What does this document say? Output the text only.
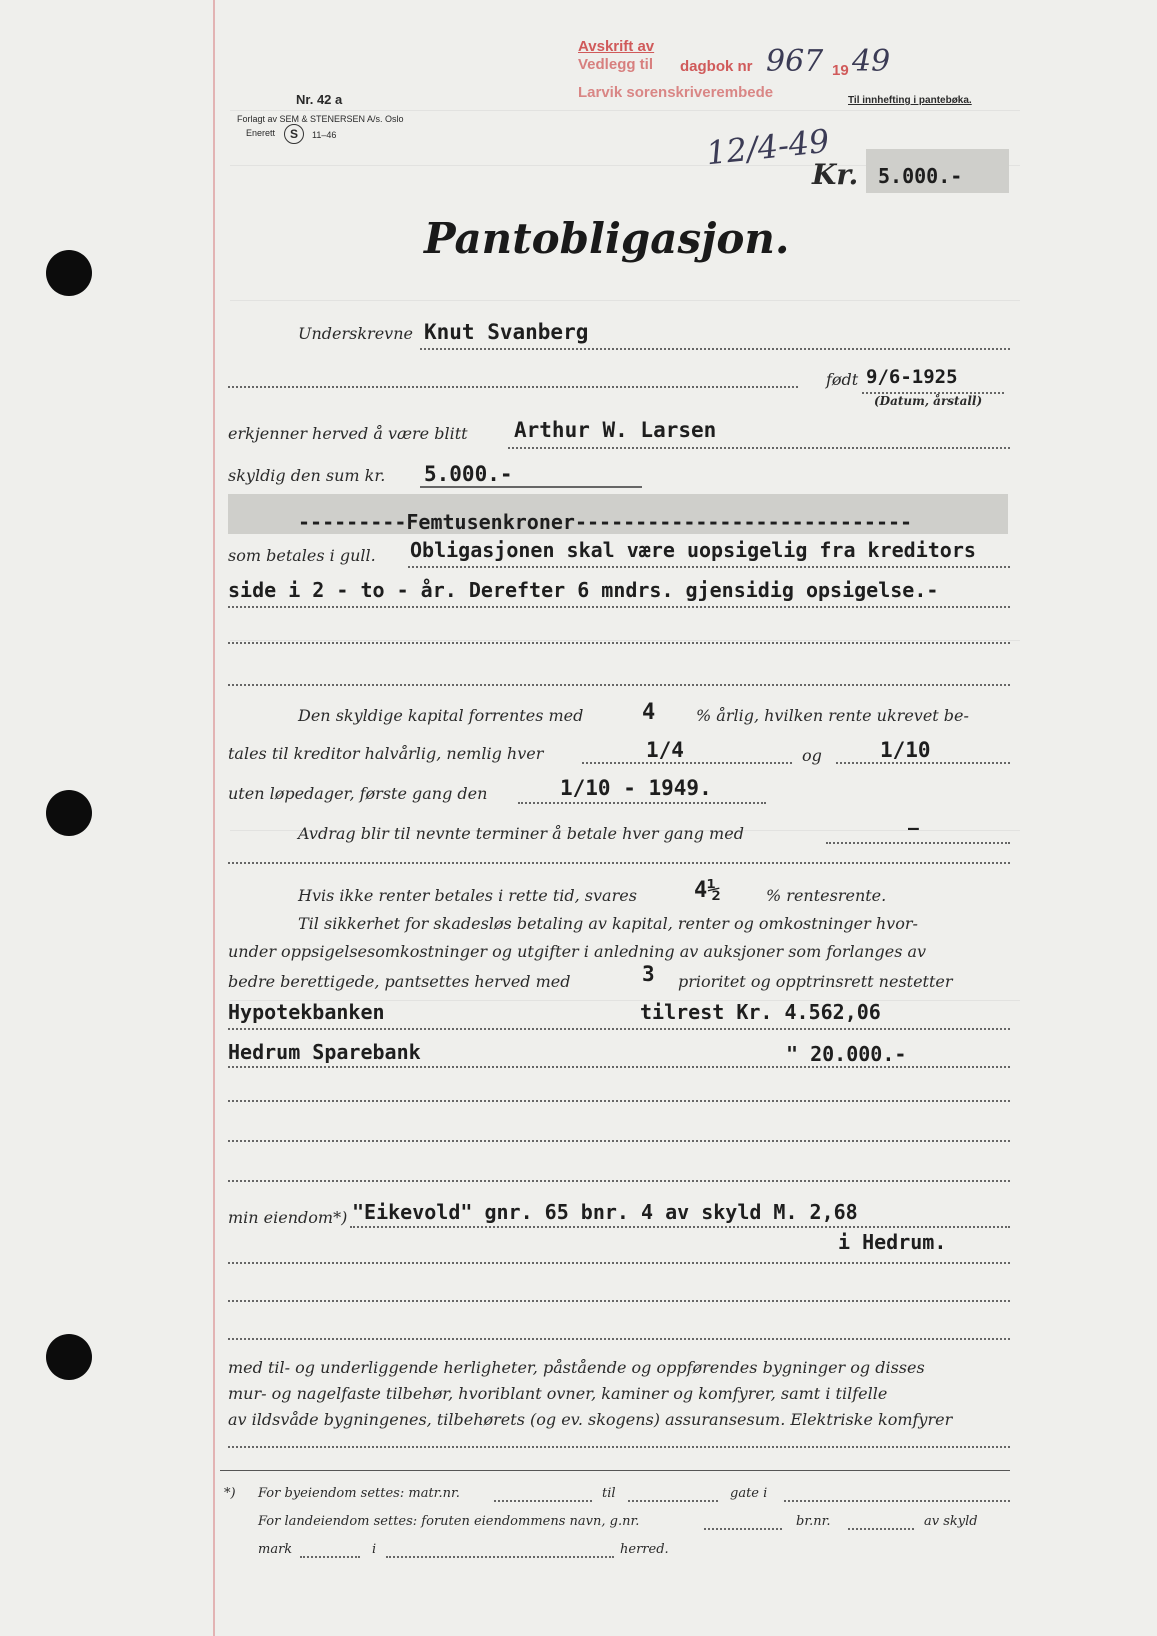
Avskrift av
Vedlegg til dagbok nr 967 19 49
Larvik sorenskriverembede
Nr. 42 a
Forlagt av SEM & STENERSEN A/s. Oslo
Enerett	S	11–46
Til innhefting i pantebøka.
12/4-49
Kr. 5.000.-
Pantobligasjon.
Underskrevne Knut Svanberg
født 9/6-1925
(Datum, årstall)
erkjenner herved å være blitt Arthur W. Larsen
skyldig den sum kr. 5.000.-
---------Femtusenkroner----------------------------
som betales i gull. Obligasjonen skal være uopsigelig fra kreditors
side i 2 - to - år. Derefter 6 mndrs. gjensidig opsigelse.-
Den skyldige kapital forrentes med	4	% årlig, hvilken rente ukrevet be-
tales til kreditor halvårlig, nemlig hver	1/4	og	1/10
uten løpedager, første gang den	1/10 - 1949.
Avdrag blir til nevnte terminer å betale hver gang med	—
Hvis ikke renter betales i rette tid, svares	4½	% rentesrente.
Til sikkerhet for skadesløs betaling av kapital, renter og omkostninger hvor-
under oppsigelsesomkostninger og utgifter i anledning av auksjoner som forlanges av
bedre berettigede, pantsettes herved med	3 prioritet og opptrinsrett nestetter
Hypotekbanken	tilrest Kr. 4.562,06
Hedrum Sparebank	" 20.000.-
min eiendom*) "Eikevold" gnr. 65 bnr. 4 av skyld M. 2,68
i Hedrum.
med til- og underliggende herligheter, påstående og oppførendes bygninger og disses
mur- og nagelfaste tilbehør, hvoriblant ovner, kaminer og komfyrer, samt i tilfelle
av ildsvåde bygningenes, tilbehørets (og ev. skogens) assuransesum. Elektriske komfyrer
*) For byeiendom settes: matr.nr.	til	gate i
For landeiendom settes: foruten eiendommens navn, g.nr.	br.nr.	av skyld
mark	i	herred.
